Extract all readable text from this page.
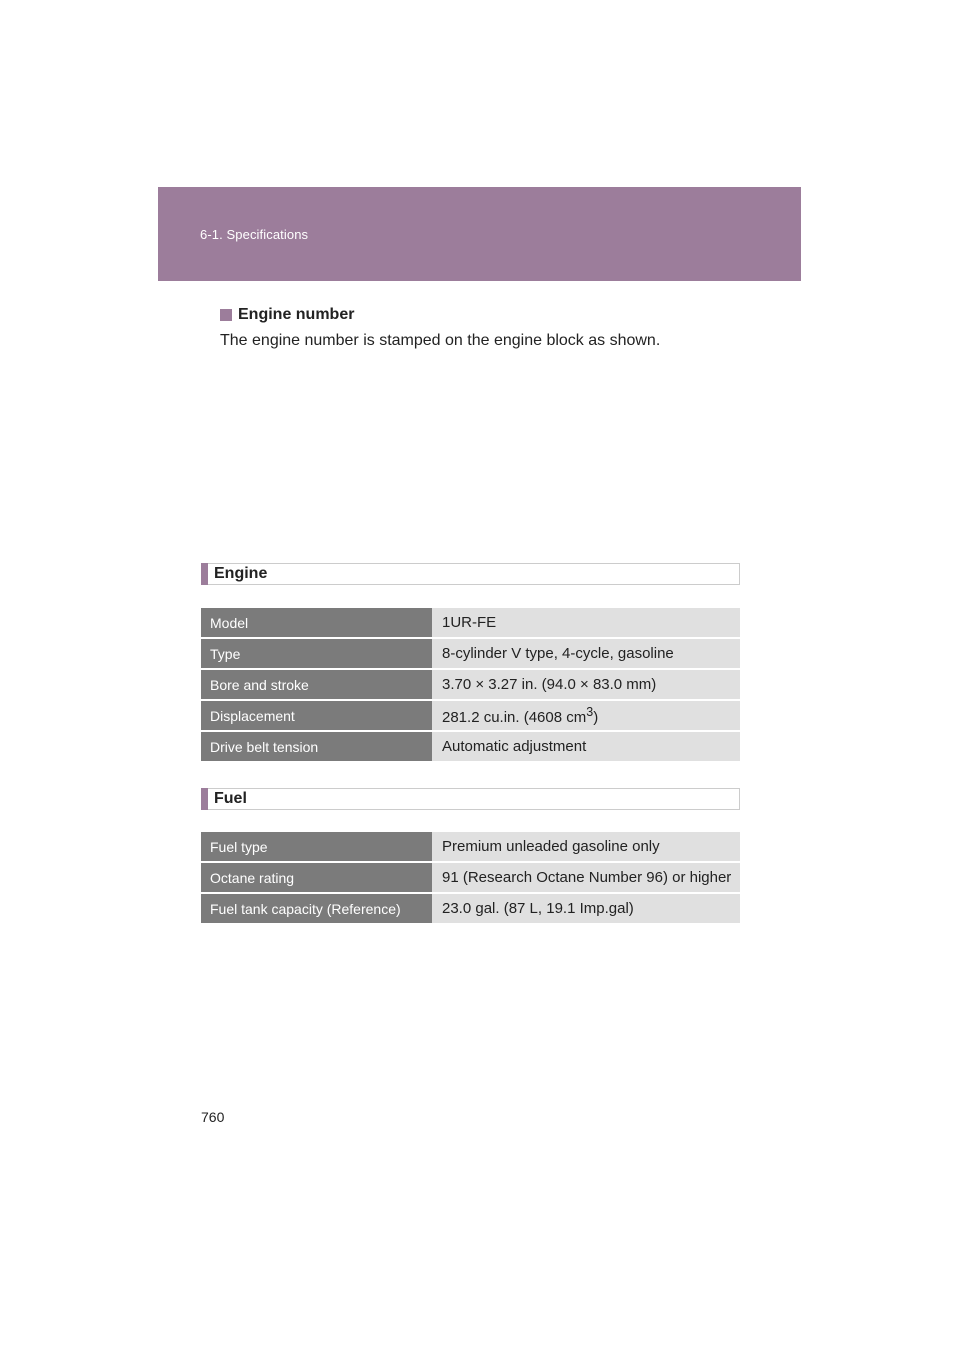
6-1. Specifications
Engine number
The engine number is stamped on the engine block as shown.
Engine
Model	1UR-FE
Type	8-cylinder V type, 4-cycle, gasoline
Bore and stroke	3.70 × 3.27 in. (94.0 × 83.0 mm)
Displacement	281.2 cu.in. (4608 $cm^3$)
Drive belt tension	Automatic adjustment
Fuel
Fuel type	Premium unleaded gasoline only
Octane rating	91 (Research Octane Number 96) or higher
Fuel tank capacity (Reference)	23.0 gal. (87 L, 19.1 Imp.gal)
760
